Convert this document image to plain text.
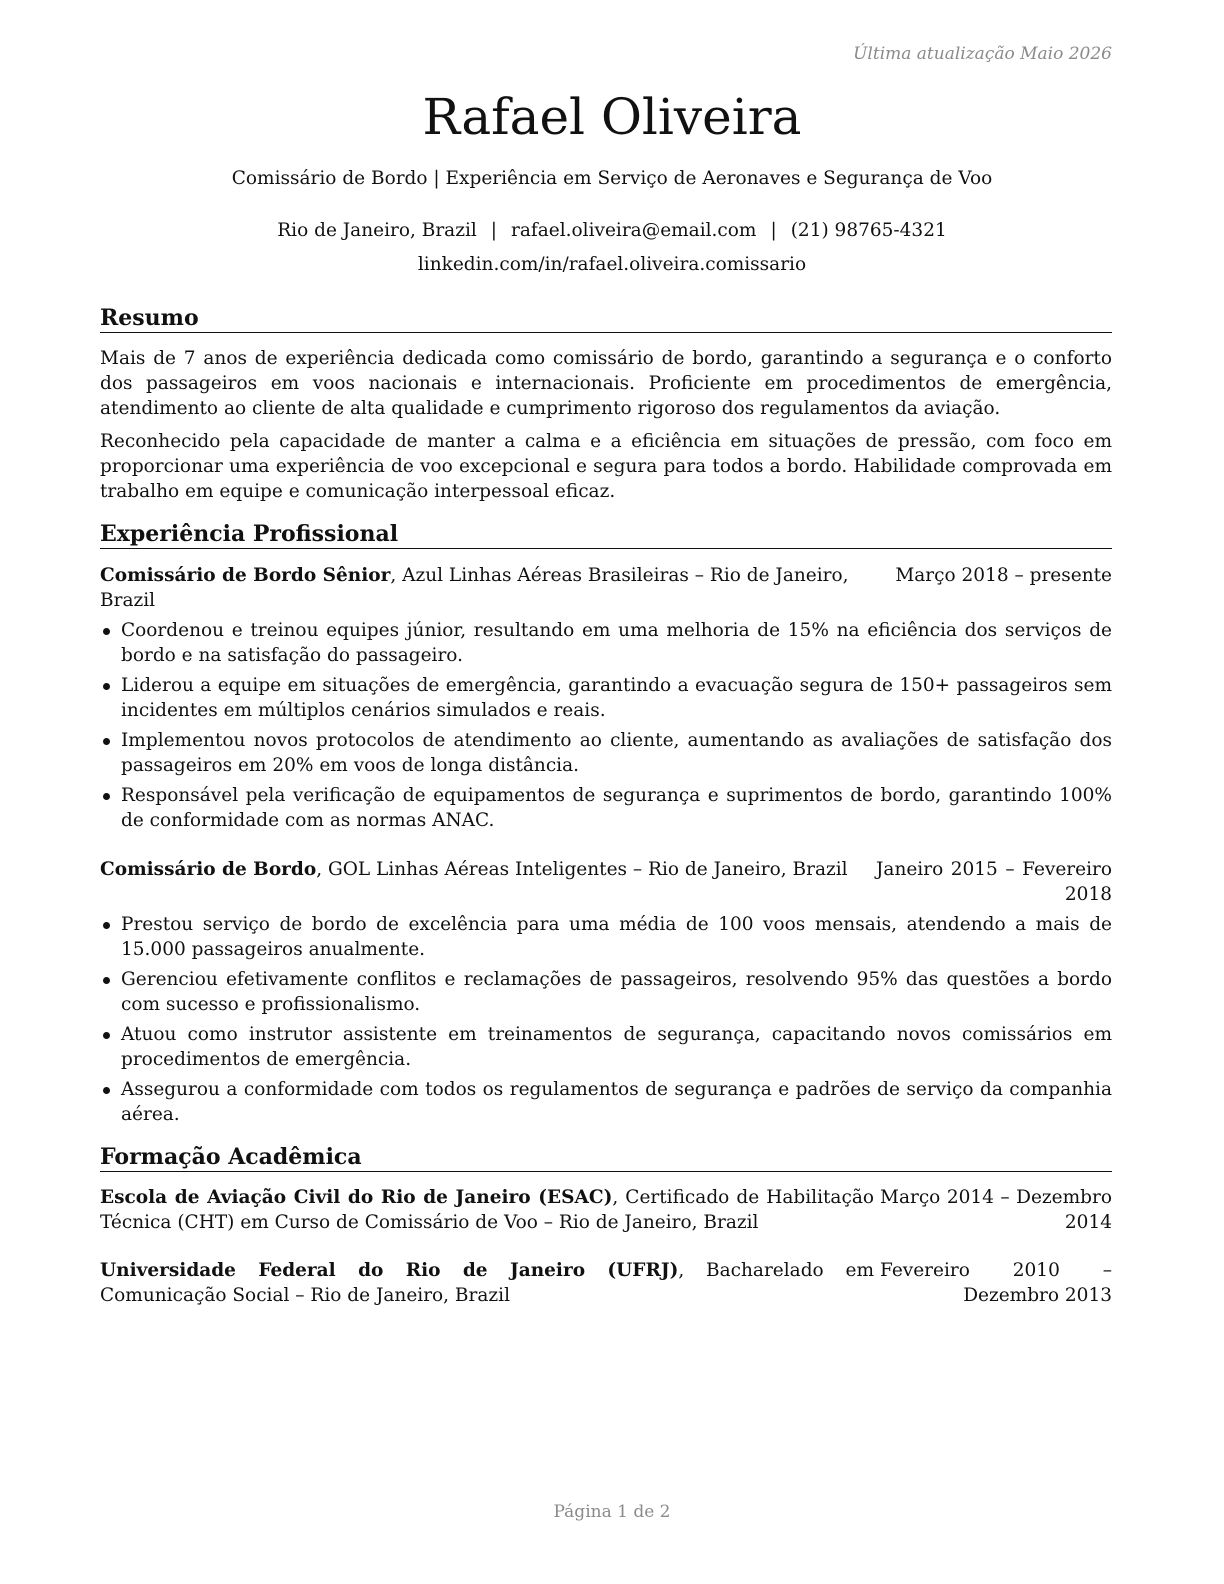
Última atualização Maio 2026
Rafael Oliveira
Comissário de Bordo | Experiência em Serviço de Aeronaves e Segurança de Voo
Rio de Janeiro, Brazil | rafael.oliveira@email.com | (21) 98765-4321
linkedin.com/in/rafael.oliveira.comissario
Resumo

Mais de 7 anos de experiência dedicada como comissário de bordo, garantindo a segurança e o conforto dos passageiros em voos nacionais e internacionais. Proficiente em procedimentos de emergência, atendimento ao cliente de alta qualidade e cumprimento rigoroso dos regulamentos da aviação.

Reconhecido pela capacidade de manter a calma e a eficiência em situações de pressão, com foco em proporcionar uma experiência de voo excepcional e segura para todos a bordo. Habilidade comprovada em trabalho em equipe e comunicação interpessoal eficaz.

Experiência Profissional
Comissário de Bordo Sênior, Azul Linhas Aéreas Brasileiras – Rio de Janeiro, Brazil
Março 2018 – presente
Coordenou e treinou equipes júnior, resultando em uma melhoria de 15% na eficiência dos serviços de bordo e na satisfação do passageiro.
Liderou a equipe em situações de emergência, garantindo a evacuação segura de 150+ passageiros sem incidentes em múltiplos cenários simulados e reais.
Implementou novos protocolos de atendimento ao cliente, aumentando as avaliações de satisfação dos passageiros em 20% em voos de longa distância.
Responsável pela verificação de equipamentos de segurança e suprimentos de bordo, garantindo 100% de conformidade com as normas ANAC.
Comissário de Bordo, GOL Linhas Aéreas Inteligentes – Rio de Janeiro, Brazil	Janeiro 2015 – Fevereiro 2018
Prestou serviço de bordo de excelência para uma média de 100 voos mensais, atendendo a mais de 15.000 passageiros anualmente.
Gerenciou efetivamente conflitos e reclamações de passageiros, resolvendo 95% das questões a bordo com sucesso e profissionalismo.
Atuou como instrutor assistente em treinamentos de segurança, capacitando novos comissários em procedimentos de emergência.
Assegurou a conformidade com todos os regulamentos de segurança e padrões de serviço da companhia aérea.
Formação Acadêmica
Escola de Aviação Civil do Rio de Janeiro (ESAC), Certificado de Habilitação Técnica (CHT) em Curso de Comissário de Voo – Rio de Janeiro, Brazil
Março 2014 – Dezembro 2014
Universidade Federal do Rio de Janeiro (UFRJ), Bacharelado em Comunicação Social – Rio de Janeiro, Brazil
Fevereiro 2010 – Dezembro 2013
Página 1 de 2
